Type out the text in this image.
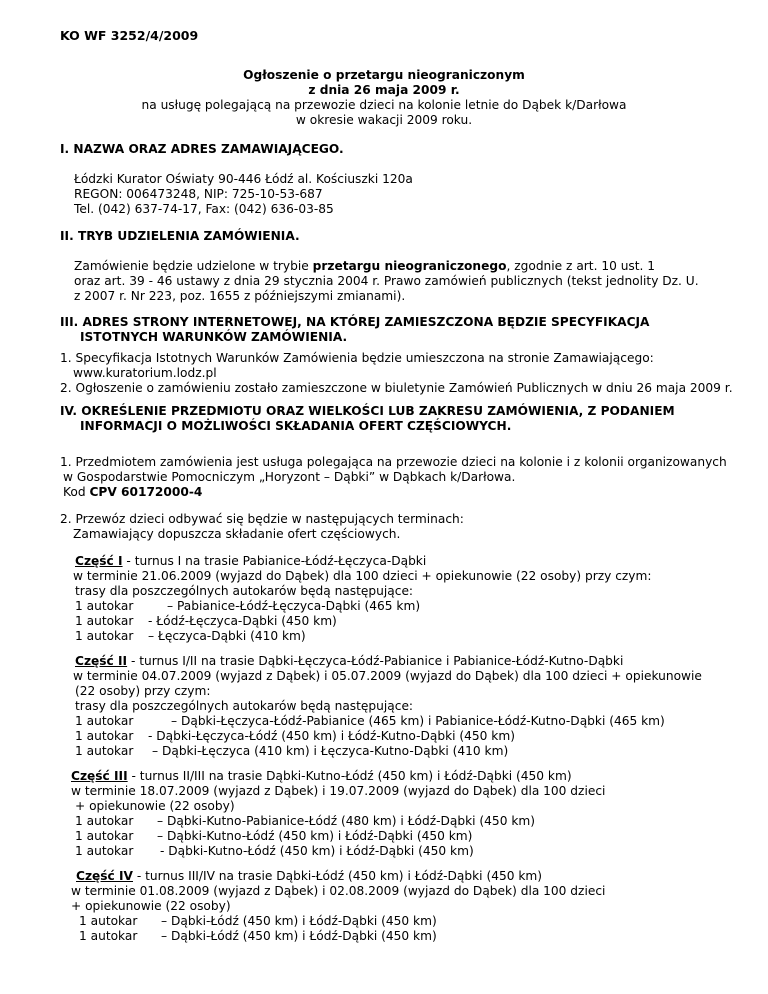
KO WF 3252/4/2009
Ogłoszenie o przetargu nieograniczonym
z dnia 26 maja 2009 r.
na usługę polegającą na przewozie dzieci na kolonie letnie do Dąbek k/Darłowa
w okresie wakacji 2009 roku.
I. NAZWA ORAZ ADRES ZAMAWIAJĄCEGO.
Łódzki Kurator Oświaty 90-446 Łódź al. Kościuszki 120a
REGON: 006473248, NIP: 725-10-53-687
Tel. (042) 637-74-17, Fax: (042) 636-03-85
II. TRYB UDZIELENIA ZAMÓWIENIA.
Zamówienie będzie udzielone w trybie przetargu nieograniczonego, zgodnie z art. 10 ust. 1
oraz art. 39 - 46 ustawy z dnia 29 stycznia 2004 r. Prawo zamówień publicznych (tekst jednolity Dz. U.
z 2007 r. Nr 223, poz. 1655 z późniejszymi zmianami).
III. ADRES STRONY INTERNETOWEJ, NA KTÓREJ ZAMIESZCZONA BĘDZIE SPECYFIKACJA
ISTOTNYCH WARUNKÓW ZAMÓWIENIA.
1. Specyfikacja Istotnych Warunków Zamówienia będzie umieszczona na stronie Zamawiającego:
www.kuratorium.lodz.pl
2. Ogłoszenie o zamówieniu zostało zamieszczone w biuletynie Zamówień Publicznych w dniu 26 maja 2009 r.
IV. OKREŚLENIE PRZEDMIOTU ORAZ WIELKOŚCI LUB ZAKRESU ZAMÓWIENIA, Z PODANIEM
INFORMACJI O MOŻLIWOŚCI SKŁADANIA OFERT CZĘŚCIOWYCH.
1. Przedmiotem zamówienia jest usługa polegająca na przewozie dzieci na kolonie i z kolonii organizowanych
w Gospodarstwie Pomocniczym „Horyzont – Dąbki” w Dąbkach k/Darłowa.
Kod CPV 60172000-4
2. Przewóz dzieci odbywać się będzie w następujących terminach:
Zamawiający dopuszcza składanie ofert częściowych.
Część I - turnus I na trasie Pabianice-Łódź-Łęczyca-Dąbki
w terminie 21.06.2009 (wyjazd do Dąbek) dla 100 dzieci + opiekunowie (22 osoby) przy czym:
trasy dla poszczególnych autokarów będą następujące:
1 autokar	– Pabianice-Łódź-Łęczyca-Dąbki (465 km)
1 autokar - Łódź-Łęczyca-Dąbki (450 km)
1 autokar – Łęczyca-Dąbki (410 km)
Część II - turnus I/II na trasie Dąbki-Łęczyca-Łódź-Pabianice i Pabianice-Łódź-Kutno-Dąbki
w terminie 04.07.2009 (wyjazd z Dąbek) i 05.07.2009 (wyjazd do Dąbek) dla 100 dzieci + opiekunowie
(22 osoby) przy czym:
trasy dla poszczególnych autokarów będą następujące:
1 autokar	– Dąbki-Łęczyca-Łódź-Pabianice (465 km) i Pabianice-Łódź-Kutno-Dąbki (465 km)
1 autokar - Dąbki-Łęczyca-Łódź (450 km) i Łódź-Kutno-Dąbki (450 km)
1 autokar – Dąbki-Łęczyca (410 km) i Łęczyca-Kutno-Dąbki (410 km)
Część III - turnus II/III na trasie Dąbki-Kutno-Łódź (450 km) i Łódź-Dąbki (450 km)
w terminie 18.07.2009 (wyjazd z Dąbek) i 19.07.2009 (wyjazd do Dąbek) dla 100 dzieci
+ opiekunowie (22 osoby)
1 autokar – Dąbki-Kutno-Pabianice-Łódź (480 km) i Łódź-Dąbki (450 km)
1 autokar – Dąbki-Kutno-Łódź (450 km) i Łódź-Dąbki (450 km)
1 autokar - Dąbki-Kutno-Łódź (450 km) i Łódź-Dąbki (450 km)
Część IV - turnus III/IV na trasie Dąbki-Łódź (450 km) i Łódź-Dąbki (450 km)
w terminie 01.08.2009 (wyjazd z Dąbek) i 02.08.2009 (wyjazd do Dąbek) dla 100 dzieci
+ opiekunowie (22 osoby)
1 autokar – Dąbki-Łódź (450 km) i Łódź-Dąbki (450 km)
1 autokar – Dąbki-Łódź (450 km) i Łódź-Dąbki (450 km)
